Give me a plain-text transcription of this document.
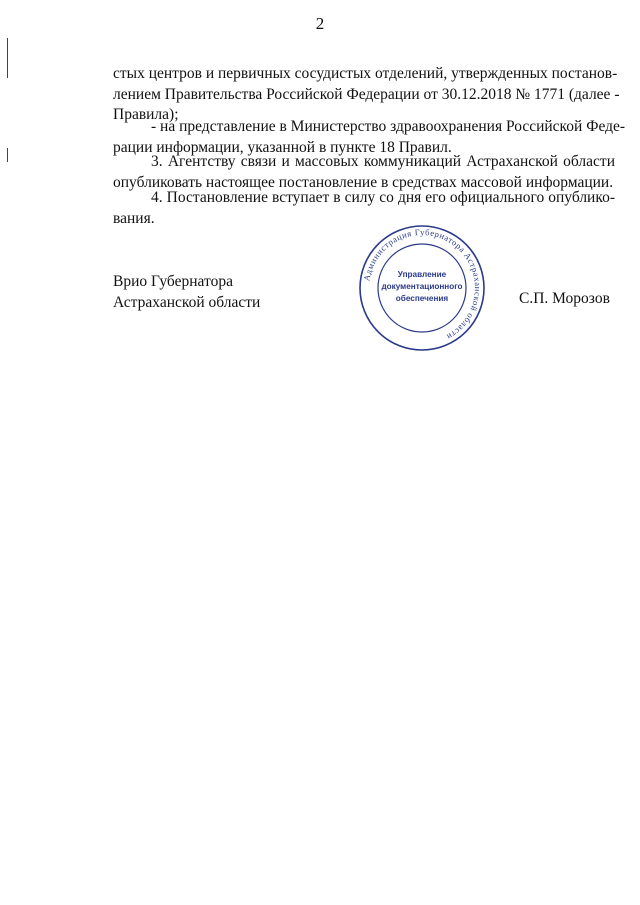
2
стых центров и первичных сосудистых отделений, утвержденных постанов-
лением Правительства Российской Федерации от 30.12.2018 № 1771 (далее -
Правила);
- на представление в Министерство здравоохранения Российской Феде-
рации информации, указанной в пункте 18 Правил.
3. Агентству связи и массовых коммуникаций Астраханской области
опубликовать настоящее постановление в средствах массовой информации.
4. Постановление вступает в силу со дня его официального опублико-
вания.
Врио Губернатора
Астраханской области
Администрация Губернатора Астраханской области
Управление
документационного
обеспечения	С.П. Морозов
